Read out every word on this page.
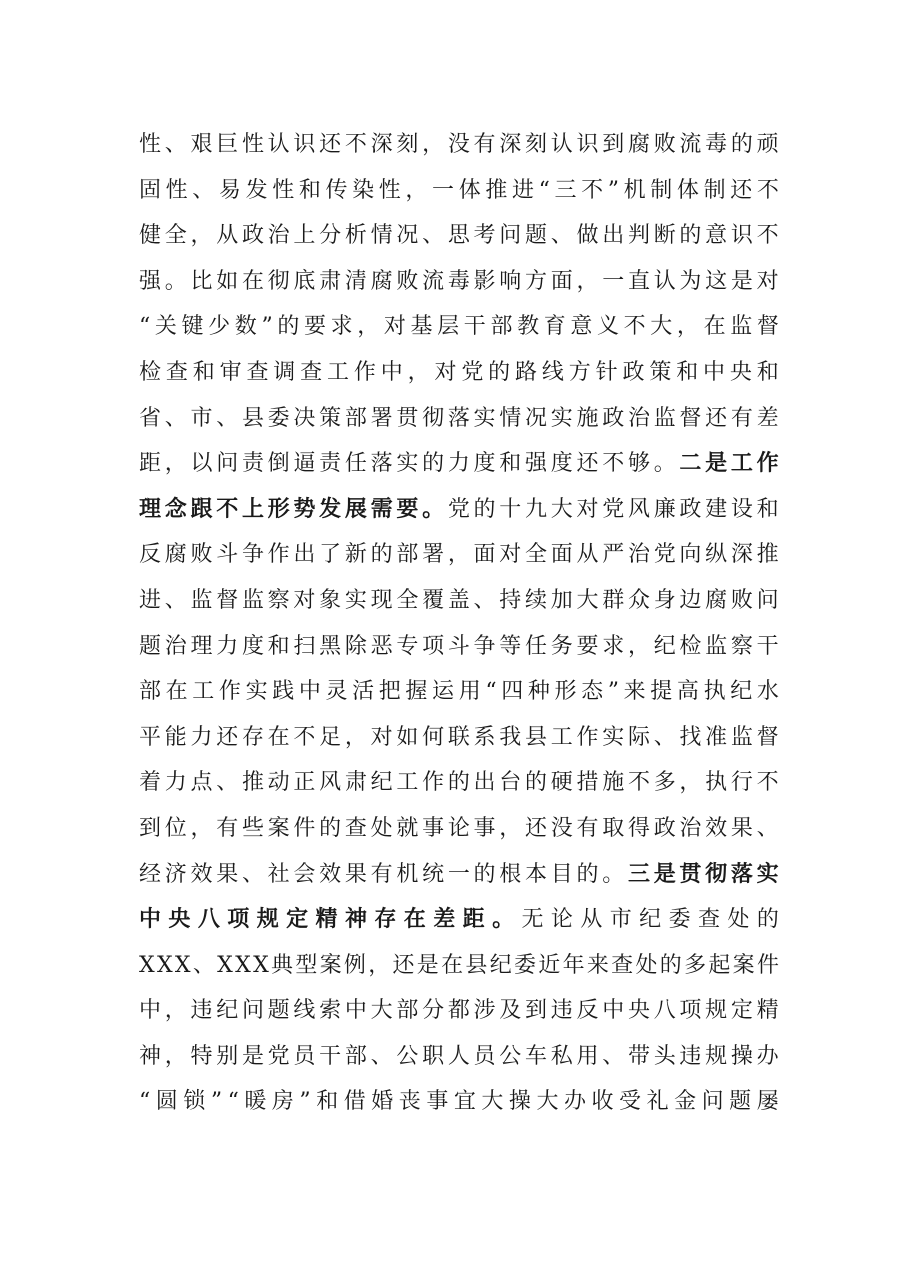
性 、 艰 巨 性 认 识 还 不 深 刻 ， 没 有 深 刻 认 识 到 腐 败 流 毒 的 顽
固 性 、 易 发 性 和 传 染 性 ， 一 体 推 进 “ 三 不 ” 机 制 体 制 还 不
健 全 ， 从 政 治 上 分 析 情 况 、 思 考 问 题 、 做 出 判 断 的 意 识 不
强 。 比 如 在 彻 底 肃 清 腐 败 流 毒 影 响 方 面 ， 一 直 认 为 这 是 对
“ 关 键 少 数 ” 的 要 求 ， 对 基 层 干 部 教 育 意 义 不 大 ， 在 监 督
检 查 和 审 查 调 查 工 作 中 ， 对 党 的 路 线 方 针 政 策 和 中 央 和
省 、 市 、 县 委 决 策 部 署 贯 彻 落 实 情 况 实 施 政 治 监 督 还 有 差
距 ， 以 问 责 倒 逼 责 任 落 实 的 力 度 和 强 度 还 不 够 。 二 是 工 作
理 念 跟 不 上 形 势 发 展 需 要 。 党 的 十 九 大 对 党 风 廉 政 建 设 和
反 腐 败 斗 争 作 出 了 新 的 部 署 ， 面 对 全 面 从 严 治 党 向 纵 深 推
进 、 监 督 监 察 对 象 实 现 全 覆 盖 、 持 续 加 大 群 众 身 边 腐 败 问
题 治 理 力 度 和 扫 黑 除 恶 专 项 斗 争 等 任 务 要 求 ， 纪 检 监 察 干
部 在 工 作 实 践 中 灵 活 把 握 运 用 “ 四 种 形 态 ” 来 提 高 执 纪 水
平 能 力 还 存 在 不 足 ， 对 如 何 联 系 我 县 工 作 实 际 、 找 准 监 督
着 力 点 、 推 动 正 风 肃 纪 工 作 的 出 台 的 硬 措 施 不 多 ， 执 行 不
到 位 ， 有 些 案 件 的 查 处 就 事 论 事 ， 还 没 有 取 得 政 治 效 果 、
经 济 效 果 、 社 会 效 果 有 机 统 一 的 根 本 目 的 。 三 是 贯 彻 落 实
中 央 八 项 规 定 精 神 存 在 差 距 。 无 论 从 市 纪 委 查 处 的
X X X 、 X X X 典 型 案 例 ， 还 是 在 县 纪 委 近 年 来 查 处 的 多 起 案 件
中 ， 违 纪 问 题 线 索 中 大 部 分 都 涉 及 到 违 反 中 央 八 项 规 定 精
神 ， 特 别 是 党 员 干 部 、 公 职 人 员 公 车 私 用 、 带 头 违 规 操 办
“ 圆 锁 ” “ 暖 房 ” 和 借 婚 丧 事 宜 大 操 大 办 收 受 礼 金 问 题 屡
